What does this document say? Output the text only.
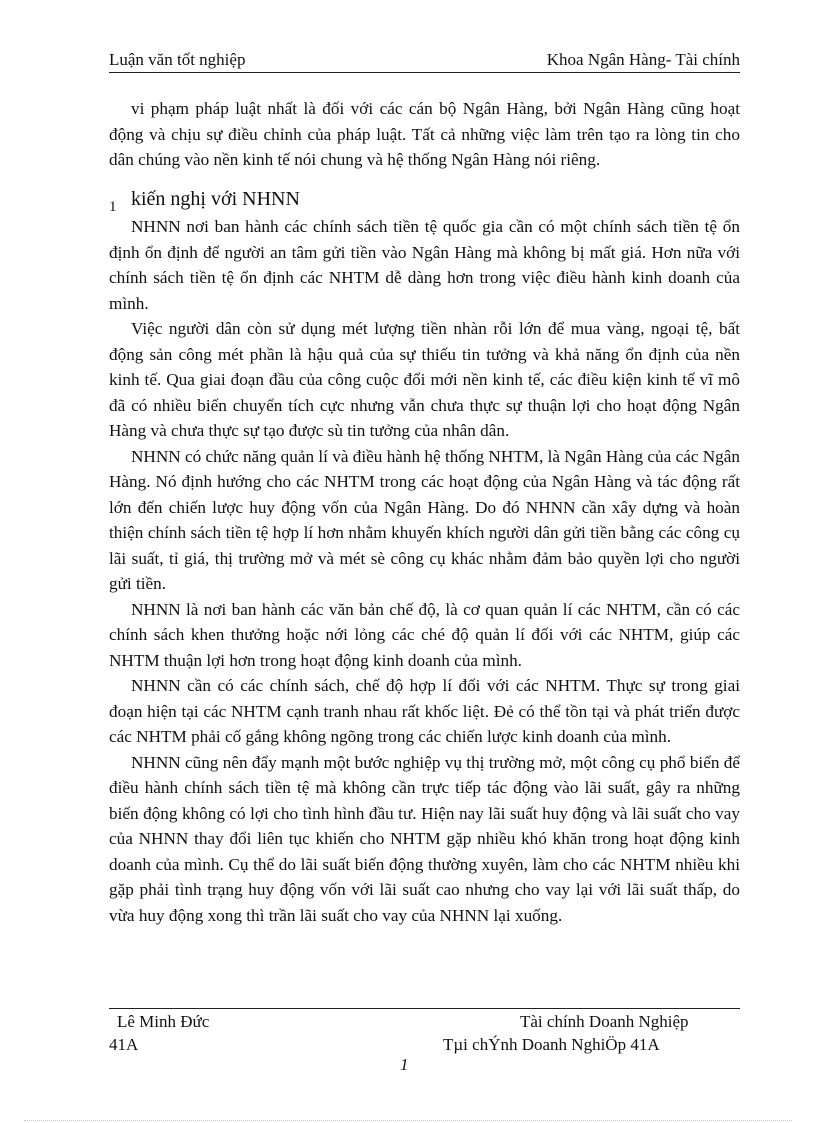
Luận văn tốt nghiệp	Khoa Ngân Hàng- Tài chính

vi phạm pháp luật nhất là đối với các cán bộ Ngân Hàng, bởi Ngân Hàng cũng hoạt động và chịu sự điều chỉnh của pháp luật. Tất cả những việc làm trên tạo ra lòng tin cho dân chúng vào nền kinh tế nói chung và hệ thống Ngân Hàng nói riêng.

1 kiến nghị với NHNN

NHNN nơi ban hành các chính sách tiền tệ quốc gia cần có một chính sách tiền tệ ổn định ổn định để người an tâm gửi tiền vào Ngân Hàng mà không bị mất giá. Hơn nữa với chính sách tiền tệ ổn định các NHTM dễ dàng hơn trong việc điều hành kinh doanh của mình.

Việc người dân còn sử dụng mét lượng tiền nhàn rỗi lớn để mua vàng, ngoại tệ, bất động sản công mét phần là hậu quả của sự thiếu tin tưởng và khả năng ổn định của nền kinh tế. Qua giai đoạn đầu của công cuộc đổi mới nền kinh tế, các điều kiện kinh tế vĩ mô đã có nhiều biến chuyển tích cực nhưng vẫn chưa thực sự thuận lợi cho hoạt động Ngân Hàng và chưa thực sự tạo được sù tin tưởng của nhân dân.

NHNN có chức năng quản lí và điều hành hệ thống NHTM, là Ngân Hàng của các Ngân Hàng. Nó định hướng cho các NHTM trong các hoạt động của Ngân Hàng và tác động rất lớn đến chiến lược huy động vốn của Ngân Hàng. Do đó NHNN cần xây dựng và hoàn thiện chính sách tiền tệ hợp lí hơn nhằm khuyến khích người dân gửi tiền bằng các công cụ lãi suất, tỉ giá, thị trường mở và mét sè công cụ khác nhằm đảm bảo quyền lợi cho người gửi tiền.

NHNN là nơi ban hành các văn bản chế độ, là cơ quan quản lí các NHTM, cần có các chính sách khen thưởng hoặc nới lỏng các ché độ quản lí đối với các NHTM, giúp các NHTM thuận lợi hơn trong hoạt động kinh doanh của mình.

NHNN cần có các chính sách, chế độ hợp lí đối với các NHTM. Thực sự trong giai đoạn hiện tại các NHTM cạnh tranh nhau rất khốc liệt. Đẻ có thể tồn tại và phát triển được các NHTM phải cố gắng không ngõng trong các chiến lược kinh doanh của mình.

NHNN cũng nên đẩy mạnh một bước nghiệp vụ thị trường mở, một công cụ phổ biến để điều hành chính sách tiền tệ mà không cần trực tiếp tác động vào lãi suất, gây ra những biến động không có lợi cho tình hình đầu tư. Hiện nay lãi suất huy động và lãi suất cho vay của NHNN thay đổi liên tục khiến cho NHTM gặp nhiều khó khăn trong hoạt động kinh doanh của mình. Cụ thể do lãi suất biến động thường xuyên, làm cho các NHTM nhiều khi gặp phải tình trạng huy động vốn với lãi suất cao nhưng cho vay lại với lãi suất thấp, do vừa huy động xong thì trần lãi suất cho vay của NHNN lại xuống.

Lê Minh Đức	Tài chính Doanh Nghiệp
41A	Tµi chÝnh Doanh NghiÖp 41A
1
